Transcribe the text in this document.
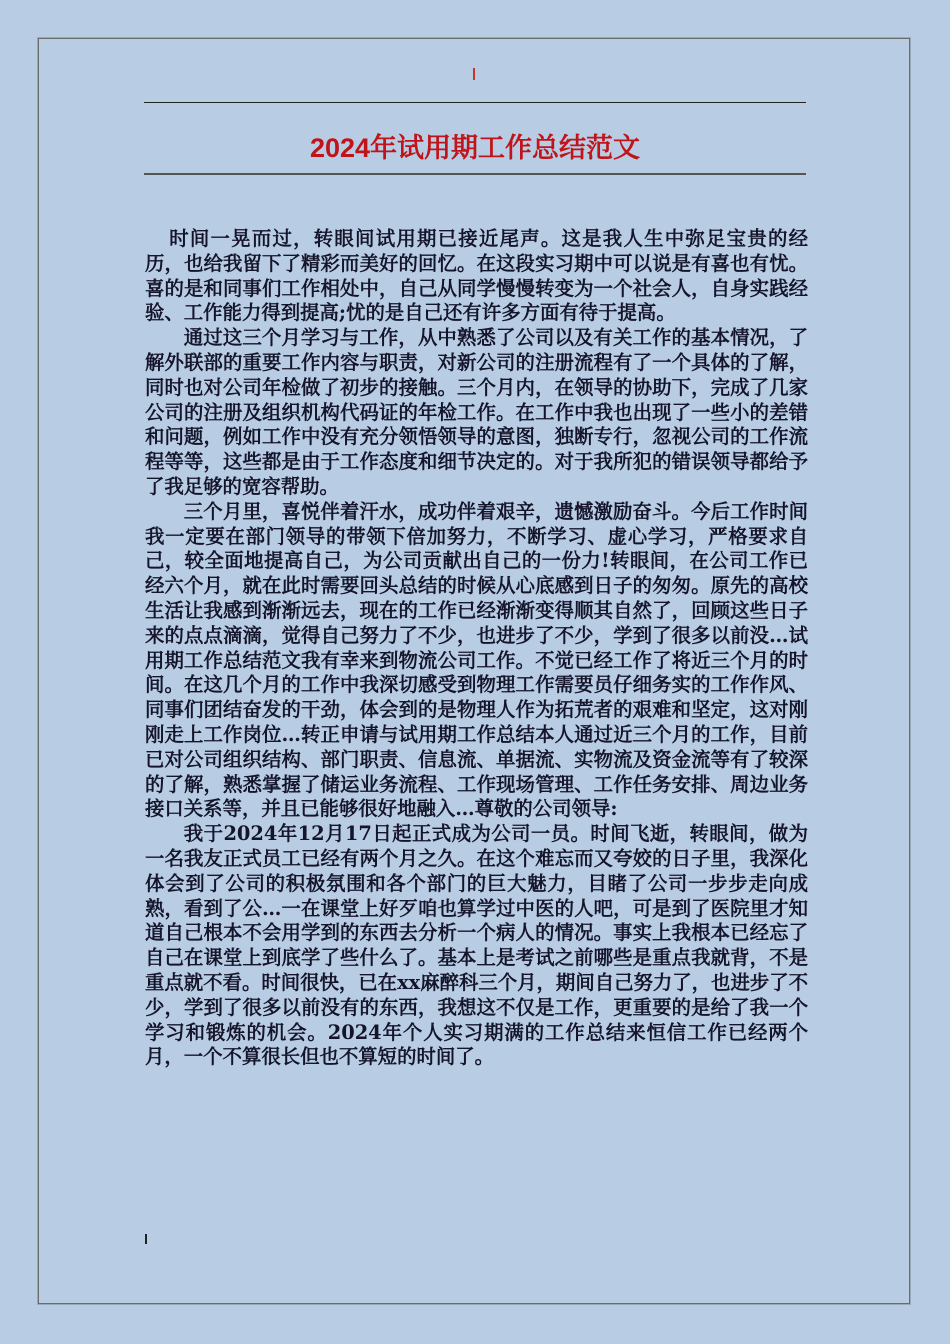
2024年试用期工作总结范文

时间一晃而过，转眼间试用期已接近尾声。这是我人生中弥足宝贵的经历，也给我留下了精彩而美好的回忆。在这段实习期中可以说是有喜也有忧。喜的是和同事们工作相处中，自己从同学慢慢转变为一个社会人，自身实践经验、工作能力得到提高;忧的是自己还有许多方面有待于提高。

通过这三个月学习与工作，从中熟悉了公司以及有关工作的基本情况，了解外联部的重要工作内容与职责，对新公司的注册流程有了一个具体的了解，同时也对公司年检做了初步的接触。三个月内，在领导的协助下，完成了几家公司的注册及组织机构代码证的年检工作。在工作中我也出现了一些小的差错和问题，例如工作中没有充分领悟领导的意图，独断专行，忽视公司的工作流程等等，这些都是由于工作态度和细节决定的。对于我所犯的错误领导都给予了我足够的宽容帮助。

三个月里，喜悦伴着汗水，成功伴着艰辛，遗憾激励奋斗。今后工作时间我一定要在部门领导的带领下倍加努力，不断学习、虚心学习，严格要求自己，较全面地提高自己，为公司贡献出自己的一份力!转眼间，在公司工作已经六个月，就在此时需要回头总结的时候从心底感到日子的匆匆。原先的高校生活让我感到渐渐远去，现在的工作已经渐渐变得顺其自然了，回顾这些日子来的点点滴滴，觉得自己努力了不少，也进步了不少，学到了很多以前没…试用期工作总结范文我有幸来到物流公司工作。不觉已经工作了将近三个月的时间。在这几个月的工作中我深切感受到物理工作需要员仔细务实的工作作风、同事们团结奋发的干劲，体会到的是物理人作为拓荒者的艰难和坚定，这对刚刚走上工作岗位…转正申请与试用期工作总结本人通过近三个月的工作，目前已对公司组织结构、部门职责、信息流、单据流、实物流及资金流等有了较深的了解，熟悉掌握了储运业务流程、工作现场管理、工作任务安排、周边业务接口关系等，并且已能够很好地融入…尊敬的公司领导:

我于2024年12月17日起正式成为公司一员。时间飞逝，转眼间，做为一名我友正式员工已经有两个月之久。在这个难忘而又夸姣的日子里，我深化体会到了公司的积极氛围和各个部门的巨大魅力，目睹了公司一步步走向成熟，看到了公…一在课堂上好歹咱也算学过中医的人吧，可是到了医院里才知道自己根本不会用学到的东西去分析一个病人的情况。事实上我根本已经忘了自己在课堂上到底学了些什么了。基本上是考试之前哪些是重点我就背，不是重点就不看。时间很快，已在xx麻醉科三个月，期间自己努力了，也进步了不少，学到了很多以前没有的东西，我想这不仅是工作，更重要的是给了我一个学习和锻炼的机会。2024年个人实习期满的工作总结来恒信工作已经两个月，一个不算很长但也不算短的时间了。
